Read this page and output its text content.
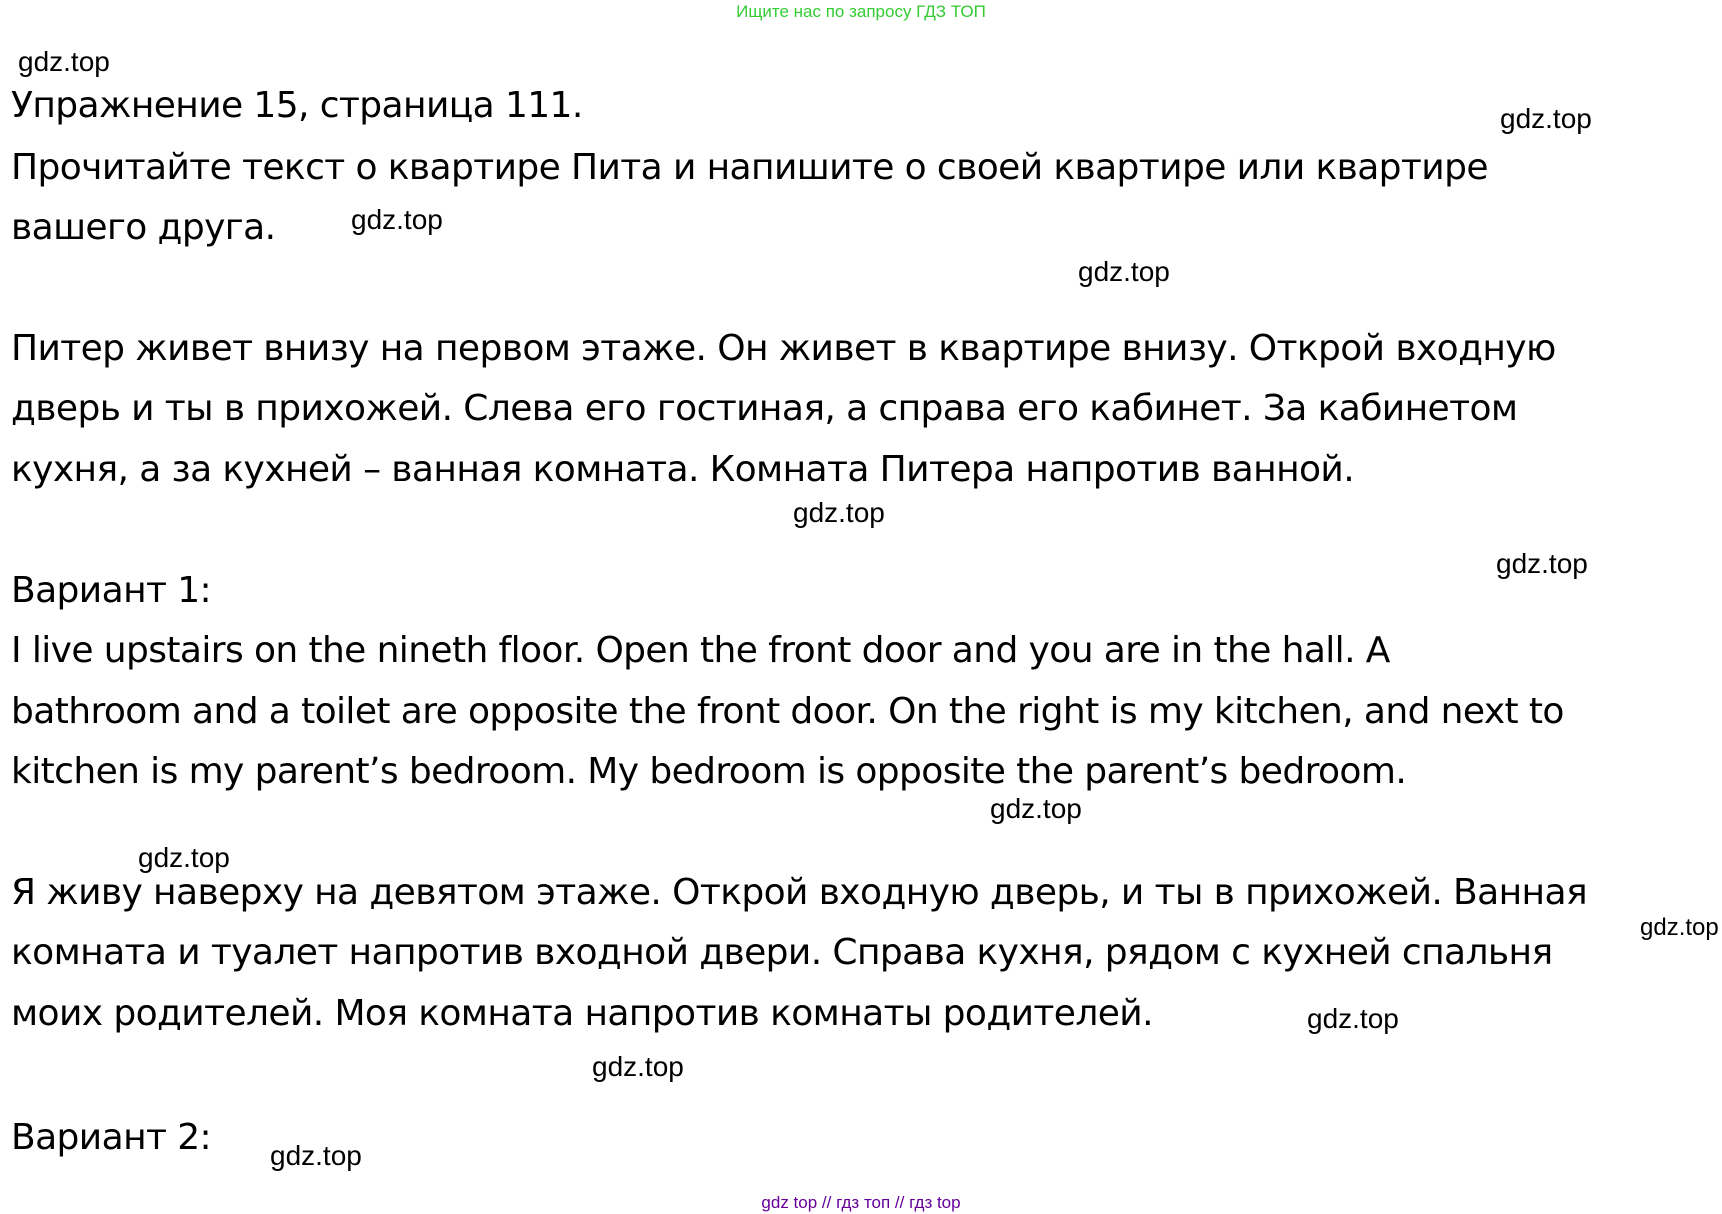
Ищите нас по запросу ГДЗ ТОП
gdz.top
Упражнение 15, страница 111.	gdz.top
Прочитайте текст о квартире Пита и напишите о своей квартире или квартире
вашего друга.	gdz.top
gdz.top
Питер живет внизу на первом этаже. Он живет в квартире внизу. Открой входную
дверь и ты в прихожей. Слева его гостиная, а справа его кабинет. За кабинетом
кухня, а за кухней – ванная комната. Комната Питера напротив ванной.
gdz.top
gdz.top
Вариант 1:
I live upstairs on the nineth floor. Open the front door and you are in the hall. A
bathroom and a toilet are opposite the front door. On the right is my kitchen, and next to
kitchen is my parent’s bedroom. My bedroom is opposite the parent’s bedroom.
gdz.top
gdz.top
Я живу наверху на девятом этаже. Открой входную дверь, и ты в прихожей. Ванная
gdz.top
комната и туалет напротив входной двери. Справа кухня, рядом с кухней спальня
моих родителей. Моя комната напротив комнаты родителей.	gdz.top
gdz.top
Вариант 2: gdz.top
gdz top // гдз топ // гдз top
